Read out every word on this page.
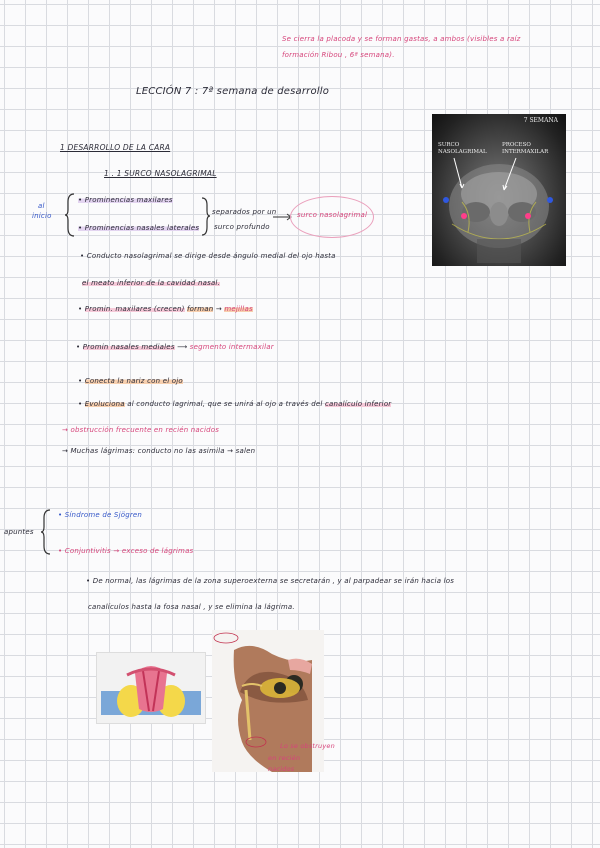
Se cierra la placoda y se forman gastas, a ambos (visibles a raíz
formación Ribou , 6ª semana).
LECCIÓN 7 : 7ª semana de desarrollo
1 DESARROLLO DE LA CARA
1 . 1 SURCO NASOLAGRIMAL
al
inicio
• Prominencias maxilares
• Prominencias nasales laterales
separados por un
surco profundo
surco nasolagrimal
• Conducto nasolagrimal se dirige desde ángulo medial del ojo hasta
el meato inferior de la cavidad nasal.
• Promin. maxilares (crecen) forman → mejillas
• Promin nasales mediales ⟶ segmento intermaxilar
• Conecta la nariz con el ojo
• Evoluciona al conducto lagrimal, que se unirá al ojo a través del canalículo inferior
→ obstrucción frecuente en recién nacidos
→ Muchas lágrimas: conducto no las asimila → salen
apuntes
• Síndrome de Sjögren
• Conjuntivitis → exceso de lágrimas
• De normal, las lágrimas de la zona superoexterna se secretarán , y al parpadear se irán hacia los
canalículos hasta la fosa nasal , y se elimina la lágrima.
7 SEMANA
SURCO
NASOLAGRIMAL
PROCESO
INTERMAXILAR
Lo se obstruyen
en recién
nacidos
